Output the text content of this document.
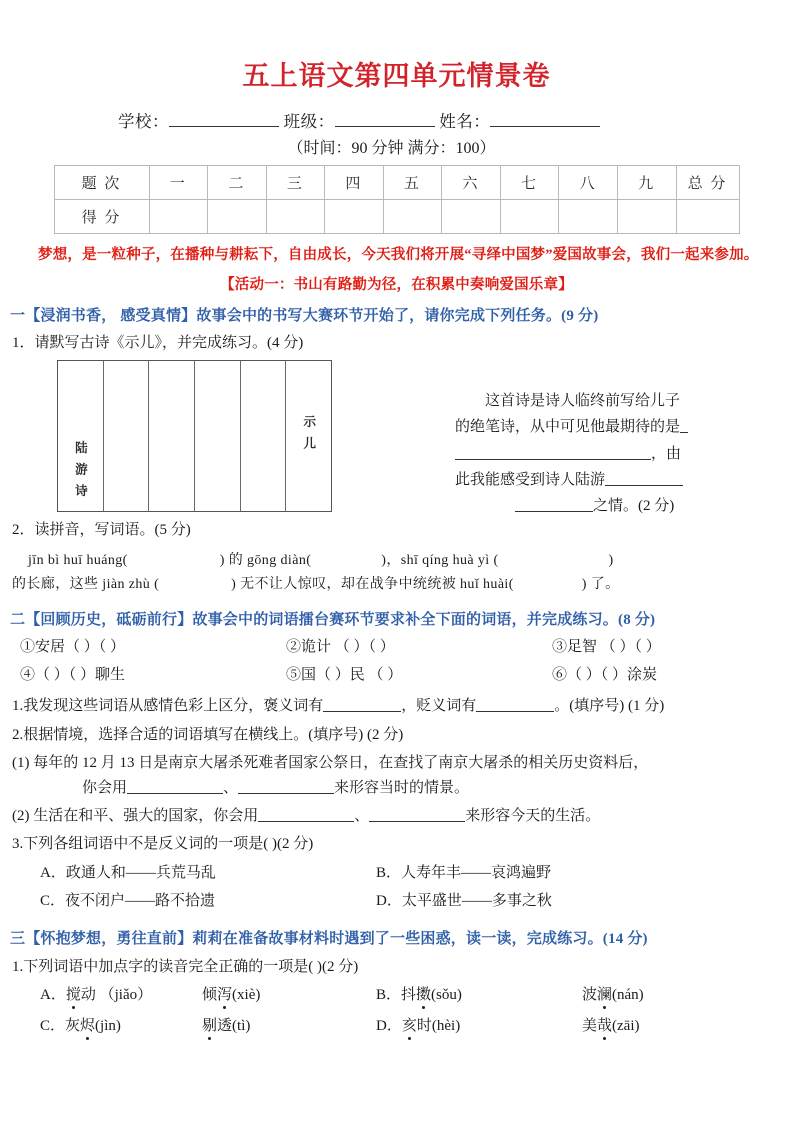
五上语文第四单元情景卷
学校：	班级：	姓名：
（时间：90 分钟 满分：100）
题 次	一	二	三	四	五	六	七	八	九	总 分
得 分										
梦想，是一粒种子，在播种与耕耘下，自由成长，今天我们将开展“寻绎中国梦”爱国故事会，我们一起来参加。
【活动一：书山有路勤为径，在积累中奏响爱国乐章】
一【浸润书香， 感受真情】故事会中的书写大赛环节开始了，请你完成下列任务。(9 分)
1．请默写古诗《示儿》，并完成练习。(4 分)
陆游诗
示儿

这首诗是诗人临终前写给儿子

的绝笔诗，从中可见他最期待的是

，由

此我能感受到诗人陆游

之情。(2 分)

2．读拼音，写词语。(5 分)
jīn bì huī huáng(	) 的 gōng diàn(	)，shī qíng huà yì (	)
的长廊，这些 jiàn zhù (	) 无不让人惊叹，却在战争中统统被 huǐ huài(	) 了。
二【回顾历史，砥砺前行】故事会中的词语擂台赛环节要求补全下面的词语，并完成练习。(8 分)
①安居（ ）（ ）	②诡计 （ ）（ ）	③足智 （ ）（ ）
④（ ）（ ）聊生	⑤国（ ）民 （ ）	⑥（ ）（ ）涂炭
1.我发现这些词语从感情色彩上区分，褒义词有	，贬义词有	。(填序号) (1 分)
2.根据情境，选择合适的词语填写在横线上。(填序号) (2 分)
(1) 每年的 12 月 13 日是南京大屠杀死难者国家公祭日，在查找了南京大屠杀的相关历史资料后，
你会用	、	来形容当时的情景。
(2) 生活在和平、强大的国家，你会用	、	来形容今天的生活。
3.下列各组词语中不是反义词的一项是( )(2 分)
A．政通人和——兵荒马乱	B．人寿年丰——哀鸿遍野
C．夜不闭户——路不拾遗	D．太平盛世——多事之秋
三【怀抱梦想，勇往直前】莉莉在准备故事材料时遇到了一些困惑，读一读，完成练习。(14 分)
1.下列词语中加点字的读音完全正确的一项是( )(2 分)
A．搅动 （jiǎo）	倾泻(xiè)	B．抖擞(sǒu)	波澜(nán)
C．灰烬(jìn)	剔透(tì)	D．亥时(hèi)	美哉(zāi)
